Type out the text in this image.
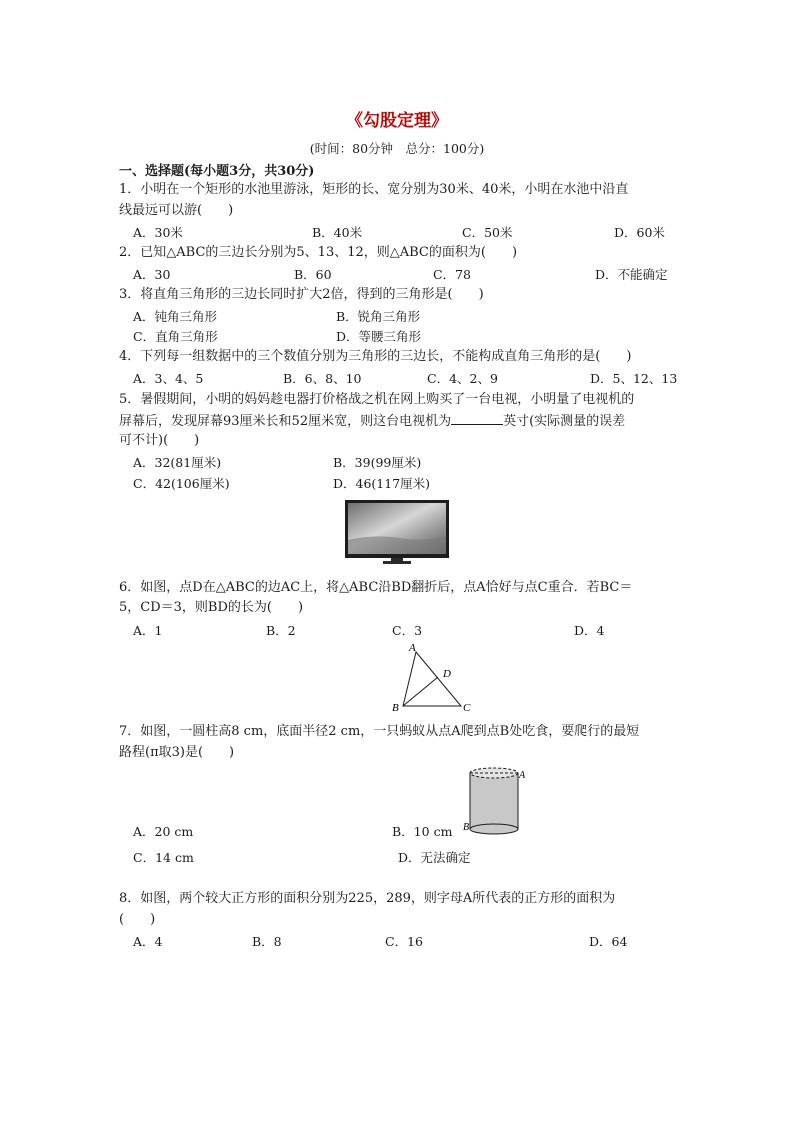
《勾股定理》
(时间：80分钟　总分：100分)
一、选择题(每小题3分，共30分)
1．小明在一个矩形的水池里游泳，矩形的长、宽分别为30米、40米，小明在水池中沿直
线最远可以游(　　)
A．30米	B．40米	C．50米	D．60米
2．已知△ABC的三边长分别为5、13、12，则△ABC的面积为(　　)
A．30	B．60	C．78	D．不能确定
3．将直角三角形的三边长同时扩大2倍，得到的三角形是(　　)
A．钝角三角形	B．锐角三角形
C．直角三角形	D．等腰三角形
4．下列每一组数据中的三个数值分别为三角形的三边长，不能构成直角三角形的是(　　)
A．3、4、5	B．6、8、10	C．4、2、9	D．5、12、13
5．暑假期间，小明的妈妈趁电器打价格战之机在网上购买了一台电视，小明量了电视机的
屏幕后，发现屏幕93厘米长和52厘米宽，则这台电视机为	英寸(实际测量的误差
可不计)(　　)
A．32(81厘米)	B．39(99厘米)
C．42(106厘米)	D．46(117厘米)
6．如图，点D在△ABC的边AC上，将△ABC沿BD翻折后，点A恰好与点C重合．若BC＝
5，CD＝3，则BD的长为(　　)
A．1	B．2	C．3	D．4
A
D
B	C
7．如图，一圆柱高8 cm，底面半径2 cm，一只蚂蚁从点A爬到点B处吃食，要爬行的最短
路程(π取3)是(　　)
A
B
A．20 cm	B．10 cm
C．14 cm	D．无法确定
8．如图，两个较大正方形的面积分别为225，289，则字母A所代表的正方形的面积为
(　　)
A．4	B．8	C．16	D．64
